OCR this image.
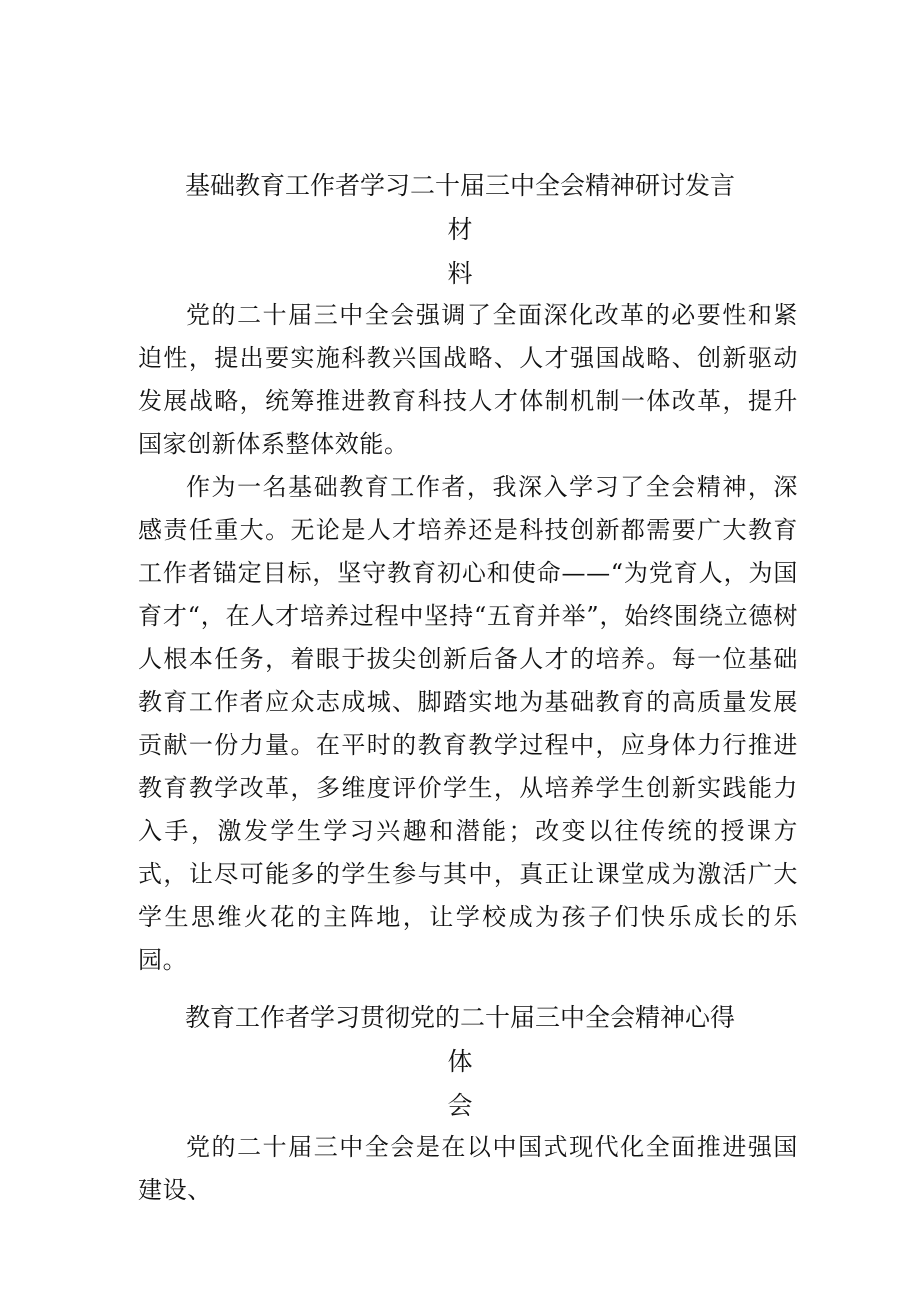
基础教育工作者学习二十届三中全会精神研讨发言材
料

党的二十届三中全会强调了全面深化改革的必要性和紧迫性，提出要实施科教兴国战略、人才强国战略、创新驱动发展战略，统筹推进教育科技人才体制机制一体改革，提升国家创新体系整体效能。

作为一名基础教育工作者，我深入学习了全会精神，深感责任重大。无论是人才培养还是科技创新都需要广大教育工作者锚定目标，坚守教育初心和使命——“为党育人，为国育才“，在人才培养过程中坚持“五育并举”，始终围绕立德树人根本任务，着眼于拔尖创新后备人才的培养。每一位基础教育工作者应众志成城、脚踏实地为基础教育的高质量发展贡献一份力量。在平时的教育教学过程中，应身体力行推进教育教学改革，多维度评价学生，从培养学生创新实践能力入手，激发学生学习兴趣和潜能；改变以往传统的授课方式，让尽可能多的学生参与其中，真正让课堂成为激活广大学生思维火花的主阵地，让学校成为孩子们快乐成长的乐园。

教育工作者学习贯彻党的二十届三中全会精神心得体
会

党的二十届三中全会是在以中国式现代化全面推进强国建设、
